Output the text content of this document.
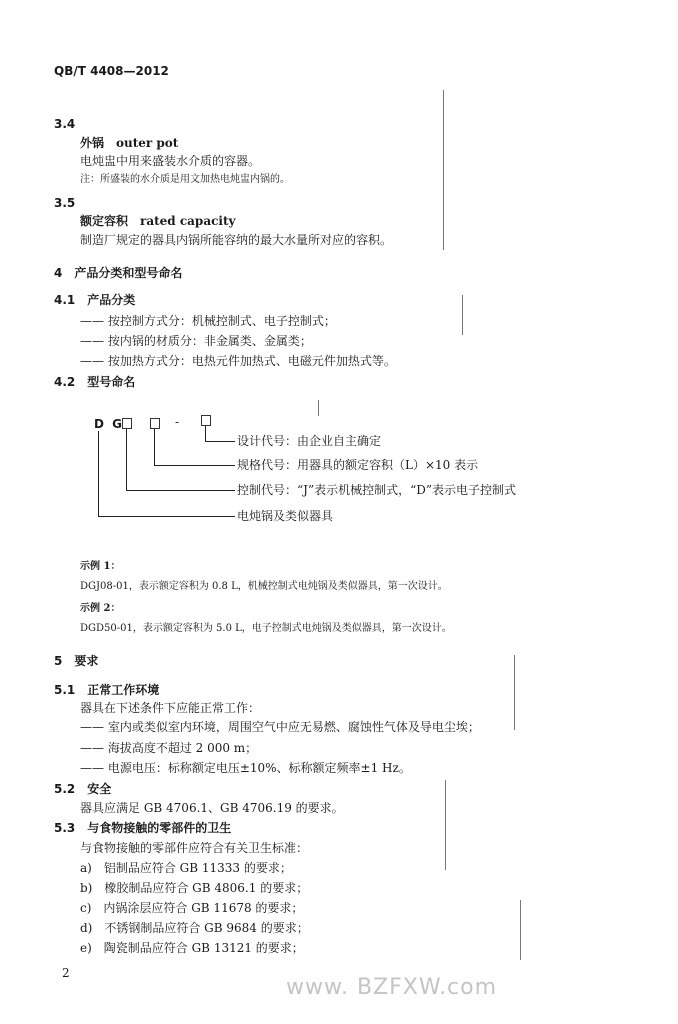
QB/T 4408—2012
3.4
外锅　outer pot
电炖盅中用来盛装水介质的容器。
注：所盛装的水介质是用文加热电炖盅内锅的。
3.5
额定容积　rated capacity
制造厂规定的器具内锅所能容纳的最大水量所对应的容积。
4　产品分类和型号命名
4.1　产品分类
—— 按控制方式分：机械控制式、电子控制式；
—— 按内锅的材质分：非金属类、金属类；
—— 按加热方式分：电热元件加热式、电磁元件加热式等。
4.2　型号命名
D G	-
设计代号：由企业自主确定
规格代号：用器具的额定容积（L）×10 表示
控制代号：“J”表示机械控制式，“D”表示电子控制式
电炖锅及类似器具
示例 1：
DGJ08-01，表示额定容积为 0.8 L，机械控制式电炖锅及类似器具，第一次设计。
示例 2：
DGD50-01，表示额定容积为 5.0 L，电子控制式电炖锅及类似器具，第一次设计。
5　要求
5.1　正常工作环境
器具在下述条件下应能正常工作：
—— 室内或类似室内环境，周围空气中应无易燃、腐蚀性气体及导电尘埃；
—— 海拔高度不超过 2 000 m；
—— 电源电压：标称额定电压±10%、标称额定频率±1 Hz。
5.2　安全
器具应满足 GB 4706.1、GB 4706.19 的要求。
5.3　与食物接触的零部件的卫生
与食物接触的零部件应符合有关卫生标准：
a)　铝制品应符合 GB 11333 的要求；
b)　橡胶制品应符合 GB 4806.1 的要求；
c)　内锅涂层应符合 GB 11678 的要求；
d)　不锈钢制品应符合 GB 9684 的要求；
e)　陶瓷制品应符合 GB 13121 的要求；
2
www. BZFXW.com
